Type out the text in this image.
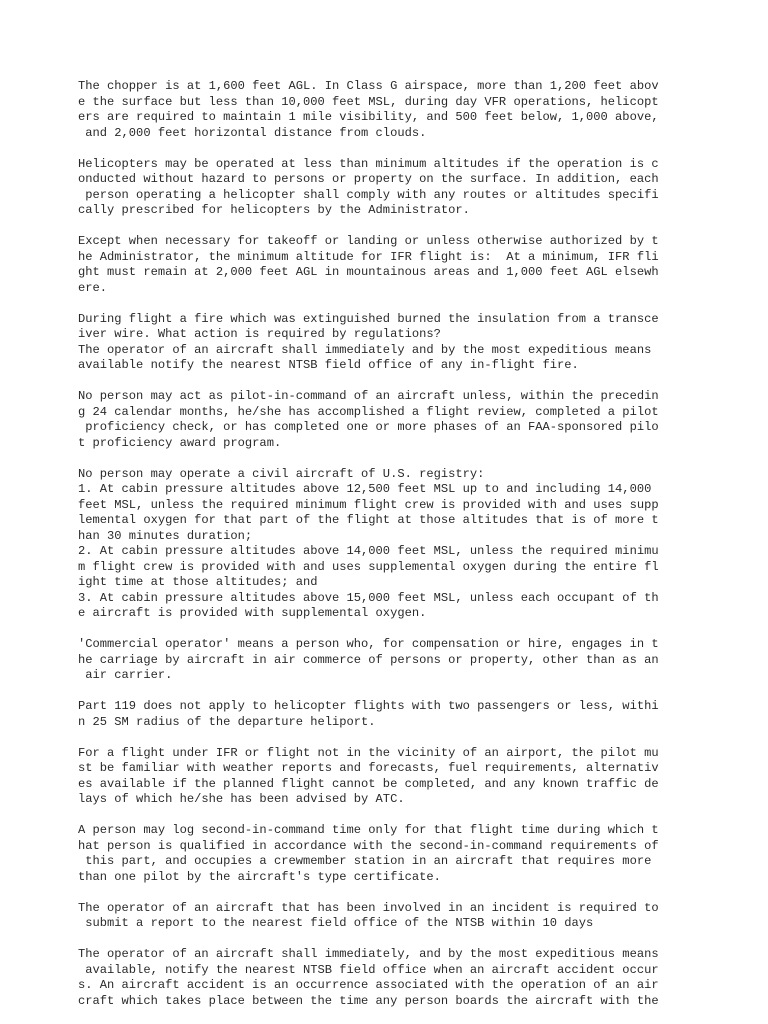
The chopper is at 1,600 feet AGL. In Class G airspace, more than 1,200 feet abov
e the surface but less than 10,000 feet MSL, during day VFR operations, helicopt
ers are required to maintain 1 mile visibility, and 500 feet below, 1,000 above,
and 2,000 feet horizontal distance from clouds.
Helicopters may be operated at less than minimum altitudes if the operation is c
onducted without hazard to persons or property on the surface. In addition, each
person operating a helicopter shall comply with any routes or altitudes specifi
cally prescribed for helicopters by the Administrator.
Except when necessary for takeoff or landing or unless otherwise authorized by t
he Administrator, the minimum altitude for IFR flight is:  At a minimum, IFR fli
ght must remain at 2,000 feet AGL in mountainous areas and 1,000 feet AGL elsewh
ere.
During flight a fire which was extinguished burned the insulation from a transce
iver wire. What action is required by regulations?
The operator of an aircraft shall immediately and by the most expeditious means
available notify the nearest NTSB field office of any in-flight fire.
No person may act as pilot-in-command of an aircraft unless, within the precedin
g 24 calendar months, he/she has accomplished a flight review, completed a pilot
proficiency check, or has completed one or more phases of an FAA-sponsored pilo
t proficiency award program.
No person may operate a civil aircraft of U.S. registry:
1. At cabin pressure altitudes above 12,500 feet MSL up to and including 14,000
feet MSL, unless the required minimum flight crew is provided with and uses supp
lemental oxygen for that part of the flight at those altitudes that is of more t
han 30 minutes duration;
2. At cabin pressure altitudes above 14,000 feet MSL, unless the required minimu
m flight crew is provided with and uses supplemental oxygen during the entire fl
ight time at those altitudes; and
3. At cabin pressure altitudes above 15,000 feet MSL, unless each occupant of th
e aircraft is provided with supplemental oxygen.
'Commercial operator' means a person who, for compensation or hire, engages in t
he carriage by aircraft in air commerce of persons or property, other than as an
air carrier.
Part 119 does not apply to helicopter flights with two passengers or less, withi
n 25 SM radius of the departure heliport.
For a flight under IFR or flight not in the vicinity of an airport, the pilot mu
st be familiar with weather reports and forecasts, fuel requirements, alternativ
es available if the planned flight cannot be completed, and any known traffic de
lays of which he/she has been advised by ATC.
A person may log second-in-command time only for that flight time during which t
hat person is qualified in accordance with the second-in-command requirements of
this part, and occupies a crewmember station in an aircraft that requires more
than one pilot by the aircraft's type certificate.
The operator of an aircraft that has been involved in an incident is required to
submit a report to the nearest field office of the NTSB within 10 days
The operator of an aircraft shall immediately, and by the most expeditious means
available, notify the nearest NTSB field office when an aircraft accident occur
s. An aircraft accident is an occurrence associated with the operation of an air
craft which takes place between the time any person boards the aircraft with the
